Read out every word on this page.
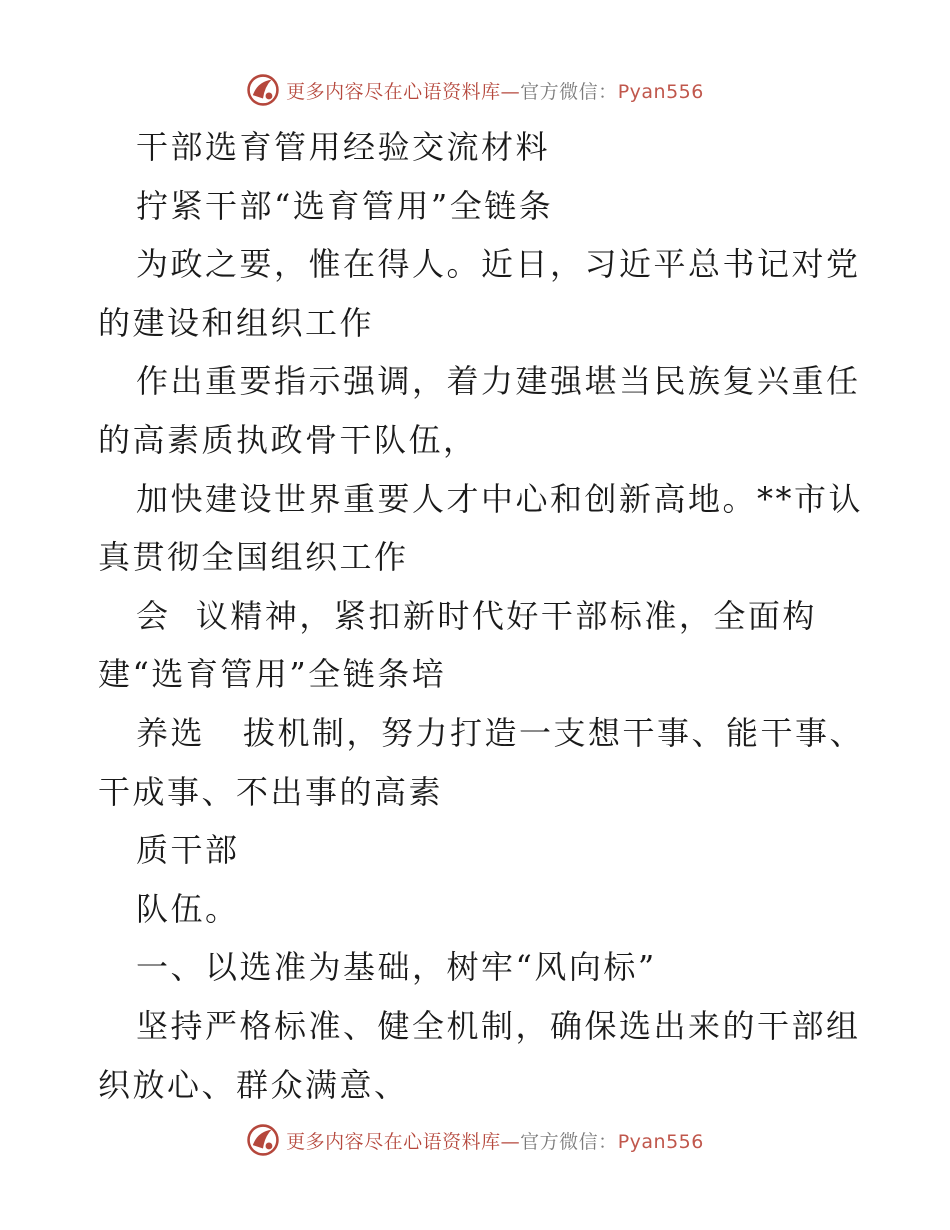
更多内容尽在心语资料库—官方微信：Pyan556
干部选育管用经验交流材料
拧紧干部“选育管用”全链条
为政之要，惟在得人。近日，习近平总书记对党
的建设和组织工作
作出重要指示强调，着力建强堪当民族复兴重任
的高素质执政骨干队伍，
加快建设世界重要人才中心和创新高地。**市认
真贯彻全国组织工作
会  议精神，紧扣新时代好干部标准，全面构
建“选育管用”全链条培
养选   拔机制，努力打造一支想干事、能干事、
干成事、不出事的高素
质干部
队伍。
一、以选准为基础，树牢“风向标”
坚持严格标准、健全机制，确保选出来的干部组
织放心、群众满意、
更多内容尽在心语资料库—官方微信：Pyan556
